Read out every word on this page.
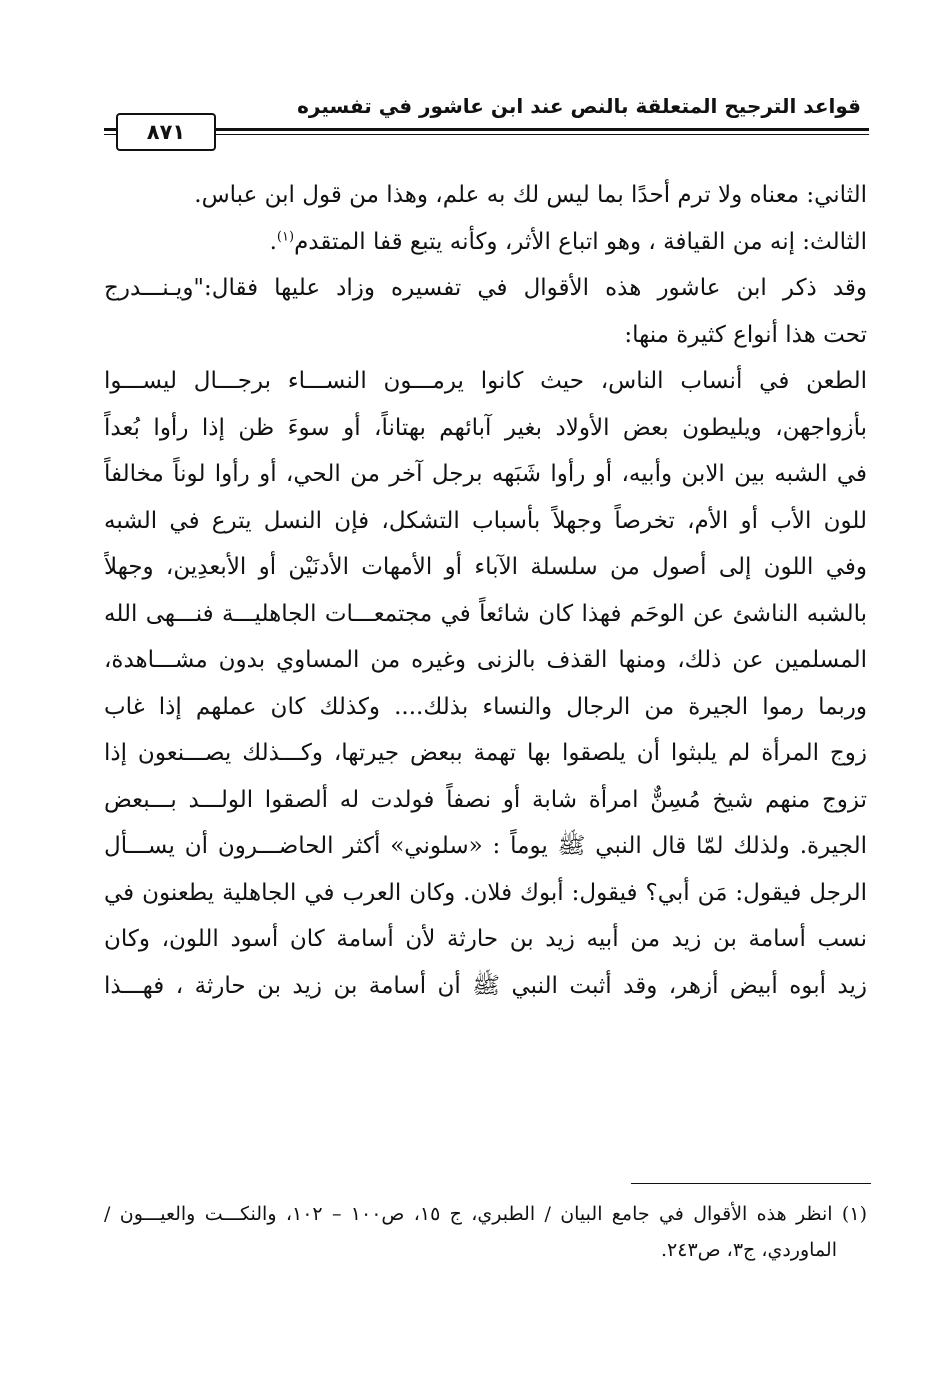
قواعد الترجيح المتعلقة بالنص عند ابن عاشور في تفسيره
٨٧١
الثاني: معناه ولا ترم أحدًا بما ليس لك به علم، وهذا من قول ابن عباس.
الثالث: إنه من القيافة ، وهو اتباع الأثر، وكأنه يتبع قفا المتقدم$^{(١)}$.
وقد ذكر ابن عاشور هذه الأقوال في تفسيره وزاد عليها فقال:"ويـنـــدرج
تحت هذا أنواع كثيرة منها:
الطعن في أنساب الناس، حيث كانوا يرمـــون النســـاء برجـــال ليســـوا
بأزواجهن، ويليطون بعض الأولاد بغير آبائهم بهتاناً، أو سوءَ ظن إذا رأوا بُعداً
في الشبه بين الابن وأبيه، أو رأوا شَبَهه برجل آخر من الحي، أو رأوا لوناً مخالفاً
للون الأب أو الأم، تخرصاً وجهلاً بأسباب التشكل، فإن النسل يترع في الشبه
وفي اللون إلى أصول من سلسلة الآباء أو الأمهات الأدنَيْن أو الأبعدِين، وجهلاً
بالشبه الناشئ عن الوحَم فهذا كان شائعاً في مجتمعـــات الجاهليـــة فنـــهى الله
المسلمين عن ذلك، ومنها القذف بالزنى وغيره من المساوي بدون مشـــاهدة،
وربما رموا الجيرة من الرجال والنساء بذلك.... وكذلك كان عملهم إذا غاب
زوج المرأة لم يلبثوا أن يلصقوا بها تهمة ببعض جيرتها، وكـــذلك يصـــنعون إذا
تزوج منهم شيخ مُسِنٌّ امرأة شابة أو نصفاً فولدت له ألصقوا الولـــد بـــبعض
الجيرة. ولذلك لمّا قال النبي ﷺ يوماً : «سلوني» أكثر الحاضـــرون أن يســـأل
الرجل فيقول: مَن أبي؟ فيقول: أبوك فلان. وكان العرب في الجاهلية يطعنون في
نسب أسامة بن زيد من أبيه زيد بن حارثة لأن أسامة كان أسود اللون، وكان
زيد أبوه أبيض أزهر، وقد أثبت النبي ﷺ أن أسامة بن زيد بن حارثة ، فهـــذا
(١) انظر هذه الأقوال في جامع البيان / الطبري، ج ١٥، ص١٠٠ – ١٠٢، والنكـــت والعيـــون /
الماوردي، ج٣، ص٢٤٣.
